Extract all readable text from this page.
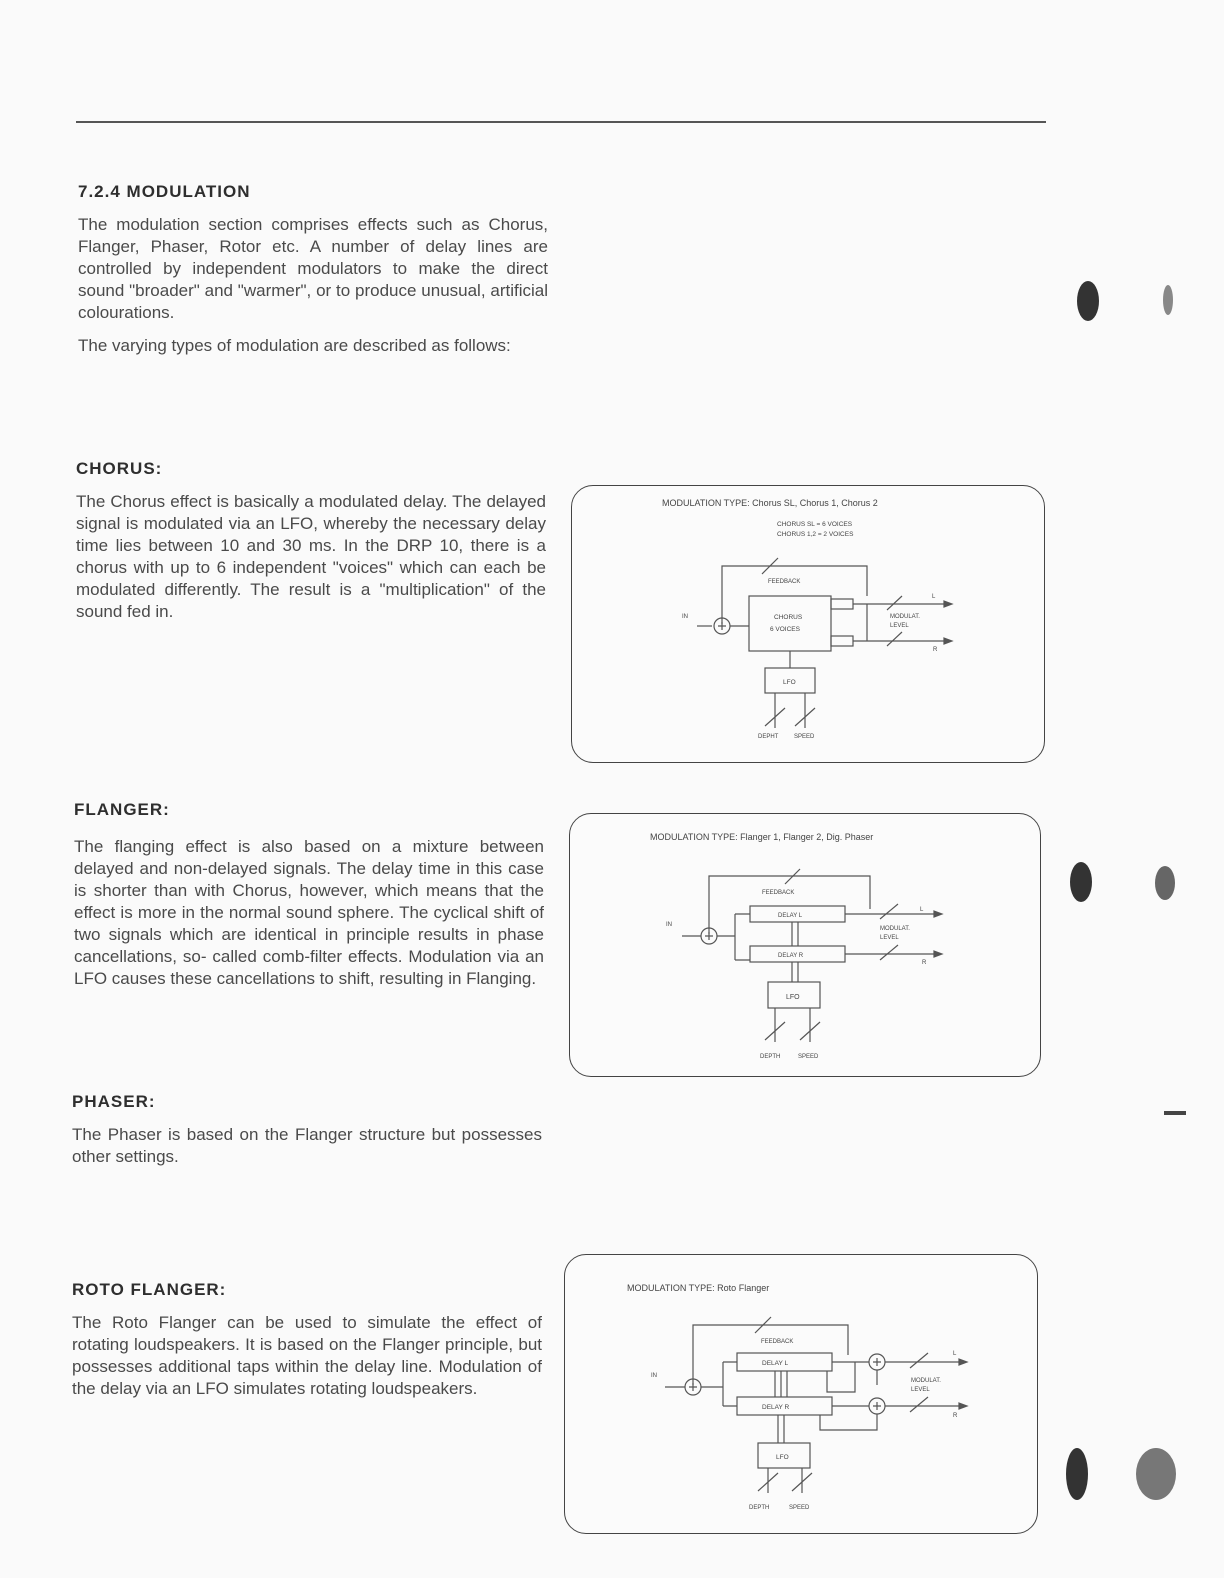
7.2.4 MODULATION

The modulation section comprises effects such as Chorus, Flanger, Phaser, Rotor etc. A number of delay lines are controlled by independent modulators to make the direct sound "broader" and "warmer", or to produce unusual, artificial colourations.

The varying types of modulation are described as follows:

CHORUS:

The Chorus effect is basically a modulated delay. The delayed signal is modulated via an LFO, whereby the necessary delay time lies between 10 and 30 ms. In the DRP 10, there is a chorus with up to 6 independent "voices" which can each be modulated differently. The result is a "multiplication" of the sound fed in.

MODULATION TYPE: Chorus SL, Chorus 1, Chorus 2
CHORUS SL = 6 VOICES
CHORUS 1,2 = 2 VOICES
FEEDBACK
IN	CHORUS
6 VOICES
L
R
MODULAT.
LEVEL
LFO
DEPHT	SPEED
FLANGER:

The flanging effect is also based on a mixture between delayed and non-delayed signals. The delay time in this case is shorter than with Chorus, however, which means that the effect is more in the normal sound sphere. The cyclical shift of two signals which are identical in principle results in phase cancellations, so- called comb-filter effects. Modulation via an LFO causes these cancellations to shift, resulting in Flanging.

MODULATION TYPE: Flanger 1, Flanger 2, Dig. Phaser
FEEDBACK
IN
DELAY L
DELAY R
L
R
MODULAT.
LEVEL
LFO
DEPTH	SPEED
PHASER:

The Phaser is based on the Flanger structure but possesses other settings.

ROTO FLANGER:

The Roto Flanger can be used to simulate the effect of rotating loudspeakers. It is based on the Flanger principle, but possesses additional taps within the delay line. Modulation of the delay via an LFO simulates rotating loudspeakers.

MODULATION TYPE: Roto Flanger
FEEDBACK
IN
DELAY L
DELAY R
L
R
MODULAT.
LEVEL
LFO
DEPTH	SPEED
